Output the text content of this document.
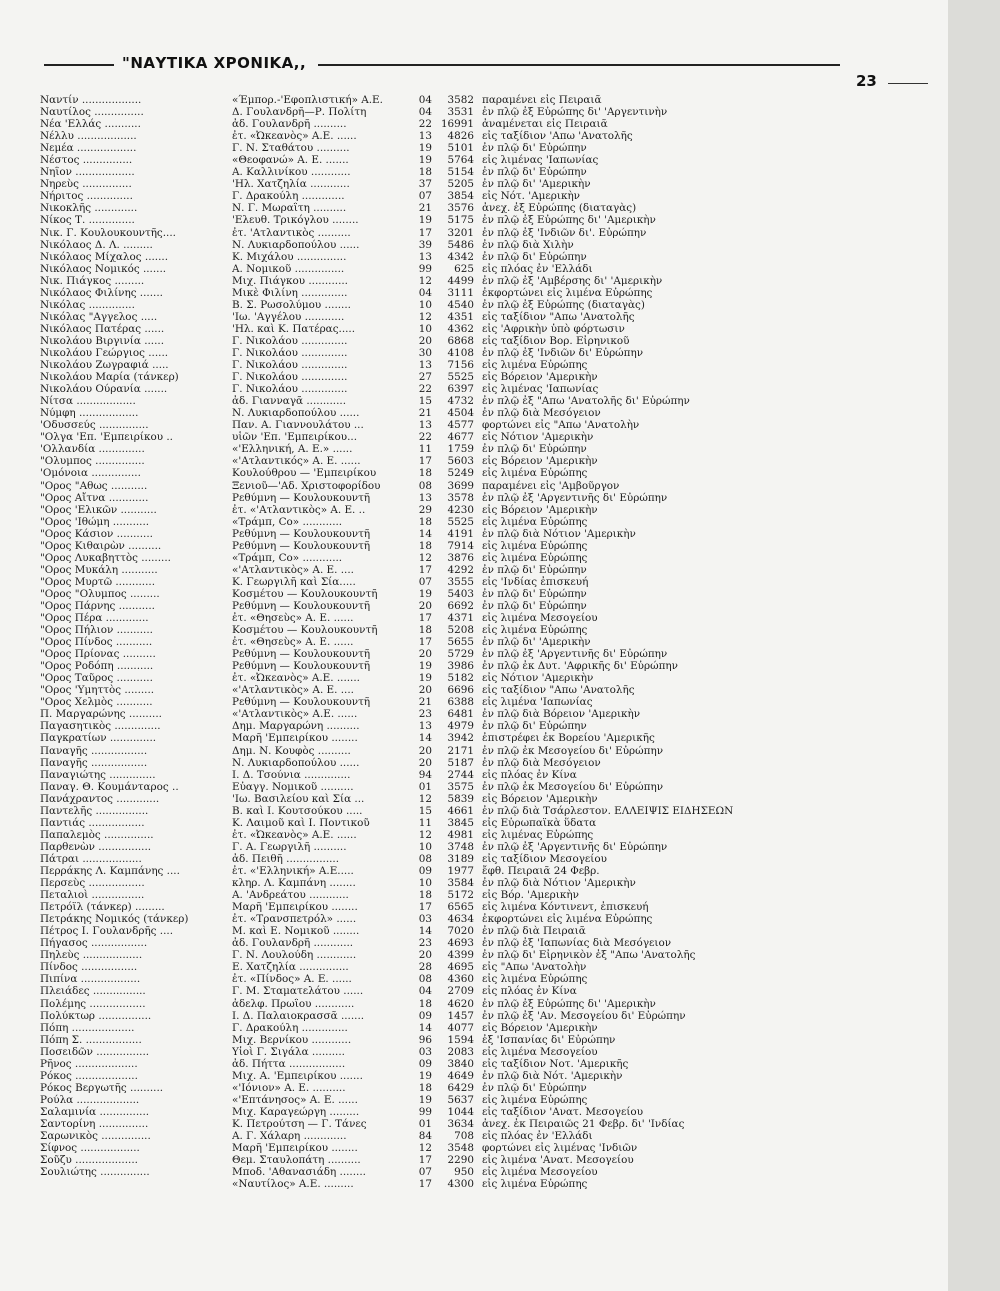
"ΝΑΥΤΙΚΑ ΧΡΟΝΙΚΑ,,
23
Ναντίν ..................	«Έμπορ.-'Εφοπλιστική» Α.Ε.	04	3582 παραμένει εἰς Πειραιᾶ
Ναυτίλος ...............	Δ. Γουλανδρῆ—Ρ. Πολίτη	04	3531 ἐν πλῷ ἐξ Εὐρώπης δι' 'Αργεντινὴν
Νέα 'Ελλάς ...........	ἀδ. Γουλανδρῆ ..........	22 16991 ἀναμένεται εἰς Πειραιᾶ
Νέλλυ ..................	ἐτ. «Ὠκεανὸς» Α.Ε. ......	13	4826 εἰς ταξίδιον 'Απω 'Ανατολῆς
Νεμέα ..................	Γ. Ν. Σταθάτου ..........	19	5101 ἐν πλῷ δι' Εὐρώπην
Νέστος ...............	«Θεοφανώ» Α. Ε. .......	19	5764 εἰς λιμένας 'Ιαπωνίας
Νηΐον ..................	Α. Καλλινίκου ............	18	5154 ἐν πλῷ δι' Εὐρώπην
Νηρεὺς ...............	'Ηλ. Χατζηλία ............	37	5205 ἐν πλῷ δι' 'Αμερικὴν
Νήριτος ..............	Γ. Δρακούλη .............	07	3854 εἰς Νότ. 'Αμερικὴν
Νικοκλῆς .............	Ν. Γ. Μωραΐτη ..........	21	3576 ἀνεχ. ἐξ Εὐρώπης (διαταγὰς)
Νίκος Τ. ..............	'Ελευθ. Τρικόγλου ........	19	5175 ἐν πλῷ ἐξ Εὐρώπης δι' 'Αμερικὴν
Νικ. Γ. Κουλουκουντῆς....	ἐτ. 'Ατλαντικὸς ..........	17	3201 ἐν πλῷ ἐξ 'Ινδιῶν δι'. Εὐρώπην
Νικόλαος Δ. Λ. .........	Ν. Λυκιαρδοπούλου ......	39	5486 ἐν πλῷ διὰ Χιλὴν
Νικόλαος Μίχαλος .......	Κ. Μιχάλου ...............	13	4342 ἐν πλῷ δι' Εὐρώπην
Νικόλαος Νομικός .......	Α. Νομικοῦ ...............	99	625 εἰς πλόας ἐν 'Ελλάδι
Νικ. Πιάγκος .........	Μιχ. Πιάγκου ............	12	4499 ἐν πλῷ ἐξ 'Αμβέρσης δι' 'Αμερικὴν
Νικόλαος Φιλίνης .......	Μικὲ Φιλίνη ..............	04	3111 ἐκφορτώνει εἰς λιμένα Εὐρώπης
Νικόλας ..............	Β. Σ. Ρωσολύμου ........	10	4540 ἐν πλῷ ἐξ Εὐρώπης (διαταγὰς)
Νικόλας "Αγγελος .....	'Ιω. 'Αγγέλου ............	12	4351 εἰς ταξίδιον "Απω 'Ανατολῆς
Νικόλαος Πατέρας ......	'Ηλ. καὶ Κ. Πατέρας.....	10	4362 εἰς 'Αφρικὴν ὑπὸ φόρτωσιν
Νικολάου Βιργινία ......	Γ. Νικολάου ..............	20	6868 εἰς ταξίδιον Βορ. Εἰρηνικοῦ
Νικολάου Γεώργιος ......	Γ. Νικολάου ..............	30	4108 ἐν πλῷ ἐξ 'Ινδιῶν δι' Εὐρώπην
Νικολάου Ζωγραφιά .....	Γ. Νικολάου ..............	13	7156 εἰς λιμένα Εὐρώπης
Νικολάου Μαρία (τάνκερ)	Γ. Νικολάου ..............	27	5525 εἰς Βόρειον 'Αμερικὴν
Νικολάου Ούρανία .......	Γ. Νικολάου ..............	22	6397 εἰς λιμένας 'Ιαπωνίας
Νίτσα ..................	ἀδ. Γιανναγᾶ ............	15	4732 ἐν πλῷ ἐξ "Απω 'Ανατολῆς δι' Εὐρώπην
Νύμφη ..................	Ν. Λυκιαρδοπούλου ......	21	4504 ἐν πλῷ διὰ Μεσόγειον
'Οδυσσεύς ...............	Παν. Α. Γιαννουλάτου ...	13	4577 φορτώνει εἰς "Απω 'Ανατολὴν
"Ολγα 'Επ. 'Εμπειρίκου ..	υἱῶν 'Επ. 'Εμπειρίκου...	22	4677 εἰς Νότιον 'Αμερικὴν
'Ολλανδία ..............	«'Ελληνική, Α. Ε.» ......	11	1759 ἐν πλῷ δι' Εὐρώπην
"Ολυμπος ...............	«'Ατλαντικός» Α. Ε. ......	17	5603 εἰς Βόρειον 'Αμερικὴν
'Ομόνοια ...............	Κουλούθρου — 'Εμπειρίκου	18	5249 εἰς λιμένα Εὐρώπης
"Ορος "Αθως ...........	Ξενιοῦ—'Αδ. Χριστοφορίδου	08	3699 παραμένει εἰς 'Αμβοῦργον
"Ορος Αἴτνα ............	Ρεθύμνη — Κουλουκουντῆ	13	3578 ἐν πλῷ ἐξ 'Αργεντινῆς δι' Εὐρώπην
"Ορος 'Ελικῶν ...........	ἐτ. «'Ατλαντικὸς» Α. Ε. ..	29	4230 εἰς Βόρειον 'Αμερικὴν
"Ορος 'Ιθώμη ...........	«Τράμπ, Co» ............	18	5525 εἰς λιμένα Εὐρώπης
"Ορος Κάσιον ...........	Ρεθύμνη — Κουλουκουντῆ	14	4191 ἐν πλῷ διὰ Νότιον 'Αμερικὴν
"Ορος Κιθαιρὼν ..........	Ρεθύμνη — Κουλουκουντῆ	18	7914 εἰς λιμένα Εὐρώπης
"Ορος Λυκαβηττὸς .........	«Τράμπ, Co» ............	12	3876 εἰς λιμένα Εὐρώπης
"Ορος Μυκάλη ...........	«'Ατλαντικὸς» Α. Ε. ....	17	4292 ἐν πλῷ δι' Εὐρώπην
"Ορος Μυρτῶ ............	Κ. Γεωργιλῆ καὶ Σία.....	07	3555 εἰς 'Ινδίας ἐπισκευή
"Ορος "Ολυμπος .........	Κοσμέτου — Κουλουκουντῆ	19	5403 ἐν πλῷ δι' Εὐρώπην
"Ορος Πάρνης ...........	Ρεθύμνη — Κουλουκουντῆ	20	6692 ἐν πλῷ δι' Εὐρώπην
"Ορος Πέρα .............	ἐτ. «Θησεὺς» Α. Ε. ......	17	4371 εἰς λιμένα Μεσογείου
"Ορος Πήλιον ...........	Κοσμέτου — Κουλουκουντῆ	18	5208 εἰς λιμένα Εὐρώπης
"Ορος Πίνδος ...........	ἐτ. «Θησεὺς» Α. Ε. ......	17	5655 ἐν πλῷ δι' 'Αμερικὴν
"Ορος Πρίονας ..........	Ρεθύμνη — Κουλουκουντῆ	20	5729 ἐν πλῷ ἐξ 'Αργεντινῆς δι' Εὐρώπην
"Ορος Ροδόπη ...........	Ρεθύμνη — Κουλουκουντῆ	19	3986 ἐν πλῷ ἐκ Δυτ. 'Αφρικῆς δι' Εὐρώπην
"Ορος Ταῦρος ...........	ἐτ. «Ὠκεανὸς» Α.Ε. .......	19	5182 εἰς Νότιον 'Αμερικὴν
"Ορος 'Υμηττὸς .........	«'Ατλαντικὸς» Α. Ε. ....	20	6696 εἰς ταξίδιον "Απω 'Ανατολῆς
"Ορος Χελμὸς ...........	Ρεθύμνη — Κουλουκουντῆ	21	6388 εἰς λιμένα 'Ιαπωνίας
Π. Μαργαρώνης ..........	«'Ατλαντικὸς» Α.Ε. ......	23	6481 ἐν πλῷ διὰ Βόρειον 'Αμερικὴν
Παγασητικὸς ..............	Δημ. Μαργαρώνη ..........	13	4979 ἐν πλῷ δι' Εὐρώπην
Παγκρατίων ..............	Μαρῆ 'Εμπειρίκου ........	14	3942 ἐπιστρέφει ἐκ Βορείου 'Αμερικῆς
Παναγῆς .................	Δημ. Ν. Κουφὸς ..........	20	2171 ἐν πλῷ ἐκ Μεσογείου δι' Εὐρώπην
Παναγῆς .................	Ν. Λυκιαρδοπούλου ......	20	5187 ἐν πλῷ διὰ Μεσόγειον
Παναγιώτης ..............	Ι. Δ. Τσούνια ..............	94	2744 εἰς πλόας ἐν Κίνα
Παναγ. Θ. Κουμάνταρος ..	Εὐαγγ. Νομικοῦ ..........	01	3575 ἐν πλῷ ἐκ Μεσογείου δι' Εὐρώπην
Πανάχραντος .............	'Ιω. Βασιλείου καὶ Σία ...	12	5839 εἰς Βόρειον 'Αμερικὴν
Παντελῆς ................	Β. καὶ Ι. Κουτσούκου .....	15	4661 ἐν πλῷ διὰ Τσάρλεστον. ΕΛΛΕΙΨΙΣ ΕΙΔΗΣΕΩΝ
Παντιάς .................	Κ. Λαιμοῦ καὶ Ι. Ποντικοῦ	11	3845 εἰς Εὐρωπαϊκὰ ὕδατα
Παπαλεμὸς ...............	ἐτ. «Ὠκεανὸς» Α.Ε. ......	12	4981 εἰς λιμένας Εὐρώπης
Παρθενὼν ................	Γ. Α. Γεωργιλῆ ..........	10	3748 ἐν πλῷ ἐξ 'Αργεντινῆς δι' Εὐρώπην
Πάτραι ..................	ἀδ. Πειθῆ ................	08	3189 εἰς ταξίδιον Μεσογείου
Περράκης Λ. Καμπάνης ....	ἐτ. «'Ελληνική» Α.Ε.....	09	1977 ἔφθ. Πειραιᾶ 24 Φεβρ.
Περσεὺς .................	κληρ. Λ. Καμπάνη ........	10	3584 ἐν πλῷ διὰ Νότιον 'Αμερικὴν
Πεταλιοὶ ................	Α. 'Ανδρεάτου ............	18	5172 εἰς Βόρ. 'Αμερικὴν
Πετρόϊλ (τάνκερ) .........	Μαρῆ 'Εμπειρίκου ........	17	6565 εἰς λιμένα Κόντινεντ, ἐπισκευή
Πετράκης Νομικός (τάνκερ)	ἐτ. «Τρανσπετρόλ» ......	03	4634 ἐκφορτώνει εἰς λιμένα Εὐρώπης
Πέτρος Ι. Γουλανδρῆς ....	Μ. καὶ Ε. Νομικοῦ ........	14	7020 ἐν πλῷ διὰ Πειραιᾶ
Πήγασος .................	ἀδ. Γουλανδρῆ ............	23	4693 ἐν πλῷ ἐξ 'Ιαπωνίας διὰ Μεσόγειον
Πηλεὺς ..................	Γ. Ν. Λουλούδη ............	20	4399 ἐν πλῷ δι' Εἰρηνικὸν ἐξ "Απω 'Ανατολῆς
Πίνδος .................	Ε. Χατζηλία ...............	28	4695 εἰς "Απω 'Ανατολὴν
Πιπίνα ..................	ἐτ. «Πίνδος» Α. Ε. ......	08	4360 εἰς λιμένα Εὐρώπης
Πλειάδες ................	Γ. Μ. Σταματελάτου ......	04	2709 εἰς πλόας ἐν Κίνα
Πολέμης .................	ἀδελφ. Πρωΐου ............	18	4620 ἐν πλῷ ἐξ Εὐρώπης δι' 'Αμερικὴν
Πολύκτωρ ................	Ι. Δ. Παλαιοκρασσᾶ .......	09	1457 ἐν πλῷ ἐξ 'Αν. Μεσογείου δι' Εὐρώπην
Πόπη ...................	Γ. Δρακούλη ..............	14	4077 εἰς Βόρειον 'Αμερικὴν
Πόπη Σ. .................	Μιχ. Βερνίκου ............	96	1594 ἐξ 'Ισπανίας δι' Εὐρώπην
Ποσειδῶν ................	Υἱοὶ Γ. Σιγάλα ..........	03	2083 εἰς λιμένα Μεσογείου
Ρῆνος ...................	ἀδ. Πήττα .................	09	3840 εἰς ταξίδιον Νοτ. 'Αμερικῆς
Ρόκος ...................	Μιχ. Α. 'Εμπειρίκου .......	19	4649 ἐν πλῷ διὰ Νότ. 'Αμερικὴν
Ρόκος Βεργωτῆς ..........	«'Ιόνιον» Α. Ε. ..........	18	6429 ἐν πλῷ δι' Εὐρώπην
Ρούλα ...................	«'Επτάνησος» Α. Ε. ......	19	5637 εἰς λιμένα Εὐρώπης
Σαλαμινία ...............	Μιχ. Καραγεώργη .........	99	1044 εἰς ταξίδιον 'Ανατ. Μεσογείου
Σαντορίνη ...............	Κ. Πετρούτση — Γ. Τάνες	01	3634 ἀνεχ. ἐκ Πειραιῶς 21 Φεβρ. δι' 'Ινδίας
Σαρωνικὸς ...............	Α. Γ. Χάλαρη .............	84	708 εἰς πλόας ἐν 'Ελλάδι
Σίφνος ..................	Μαρῆ 'Εμπειρίκου ........	12	3548 φορτώνει εἰς λιμένας 'Ινδιῶν
Σοῦζυ ...................	Θεμ. Σταυλοπάτη ..........	17	2290 εἰς λιμένα 'Ανατ. Μεσογείου
Σουλιώτης ...............	Μποδ. 'Αθανασιάδη ........	07	950 εἰς λιμένα Μεσογείου
«Ναυτίλος» Α.Ε. .........	17	4300 εἰς λιμένα Εὐρώπης
